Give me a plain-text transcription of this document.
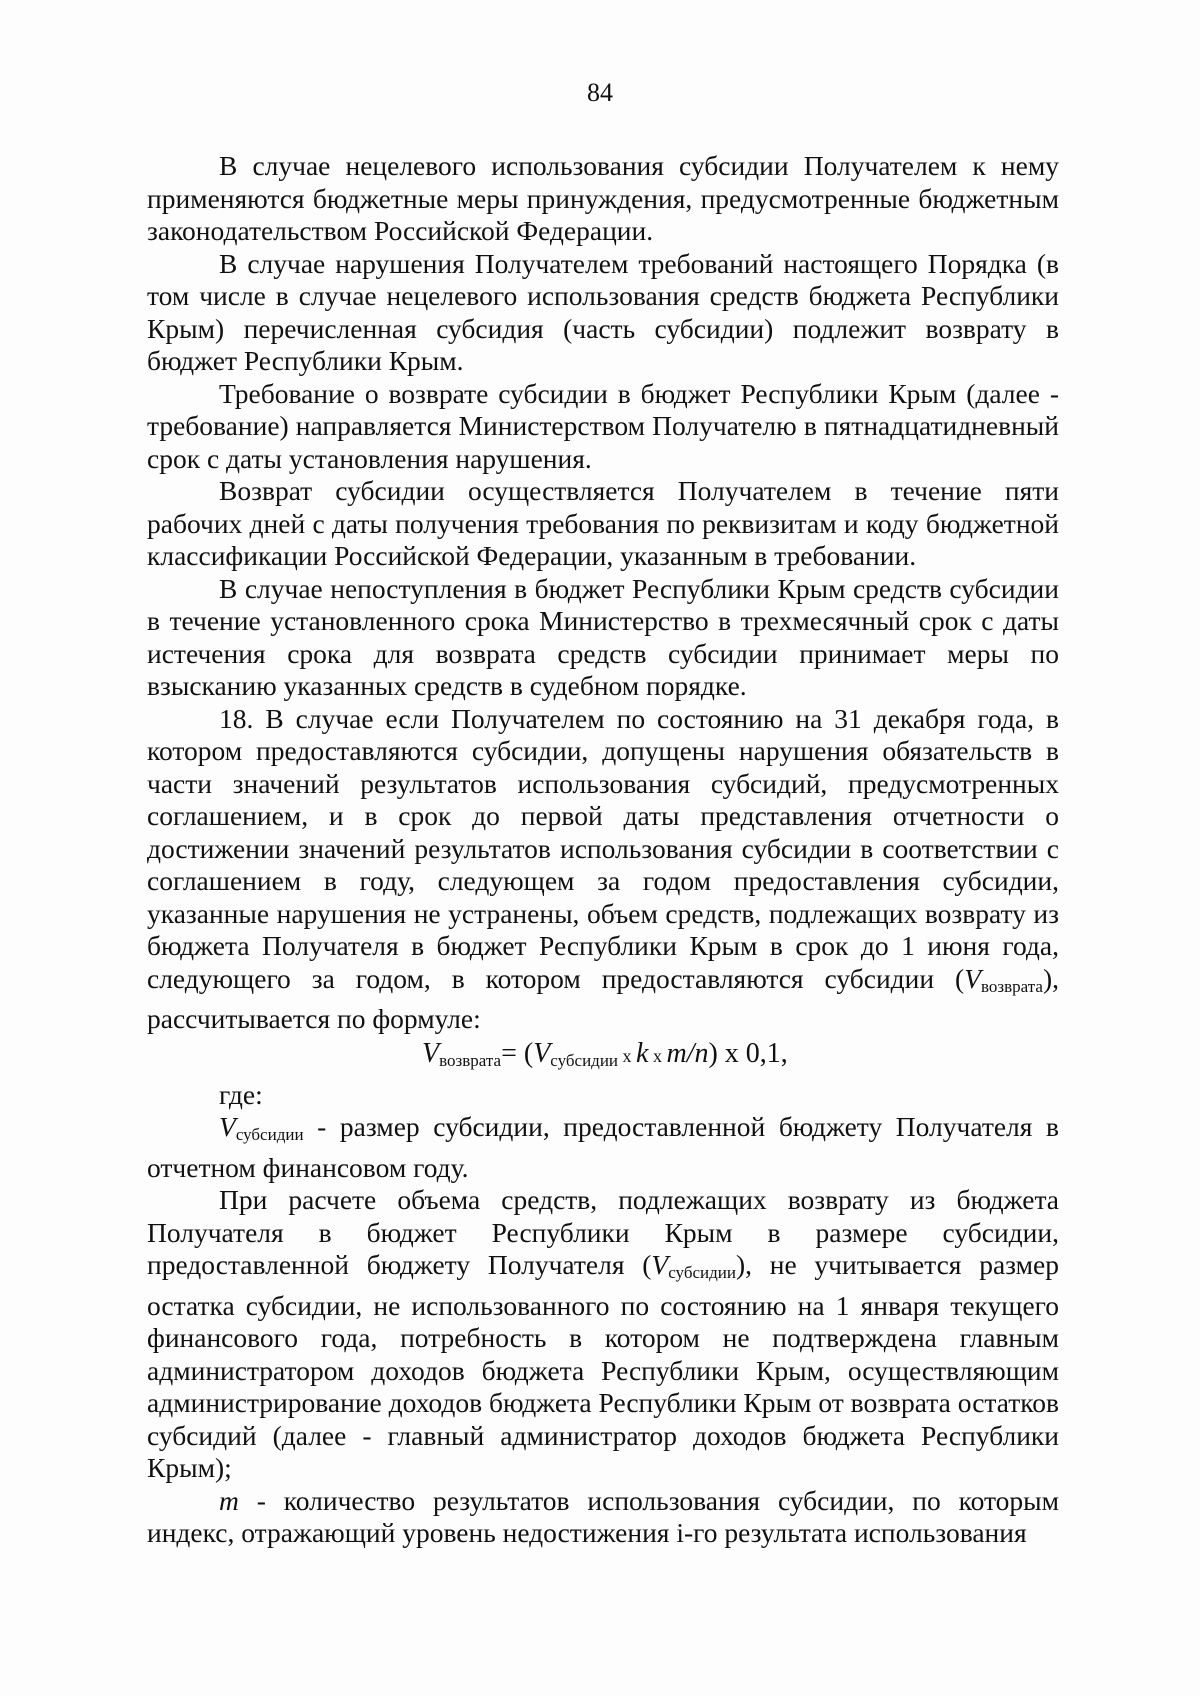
84

В случае нецелевого использования субсидии Получателем к нему применяются бюджетные меры принуждения, предусмотренные бюджетным законодательством Российской Федерации.

В случае нарушения Получателем требований настоящего Порядка (в том числе в случае нецелевого использования средств бюджета Республики Крым) перечисленная субсидия (часть субсидии) подлежит возврату в бюджет Республики Крым.

Требование о возврате субсидии в бюджет Республики Крым (далее - требование) направляется Министерством Получателю в пятнадцатидневный срок с даты установления нарушения.

Возврат субсидии осуществляется Получателем в течение пяти рабочих дней с даты получения требования по реквизитам и коду бюджетной классификации Российской Федерации, указанным в требовании.

В случае непоступления в бюджет Республики Крым средств субсидии в течение установленного срока Министерство в трехмесячный срок с даты истечения срока для возврата средств субсидии принимает меры по взысканию указанных средств в судебном порядке.

18. В случае если Получателем по состоянию на 31 декабря года, в котором предоставляются субсидии, допущены нарушения обязательств в части значений результатов использования субсидий, предусмотренных соглашением, и в срок до первой даты представления отчетности о достижении значений результатов использования субсидии в соответствии с соглашением в году, следующем за годом предоставления субсидии, указанные нарушения не устранены, объем средств, подлежащих возврату из бюджета Получателя в бюджет Республики Крым в срок до 1 июня года, следующего за годом, в котором предоставляются субсидии $(V_{возврата})$, рассчитывается по формуле:

$V_{возврата}= (V_{субсидии}$ x k x m/n) x 0,1,

где:

$V_{субсидии}$ - размер субсидии, предоставленной бюджету Получателя в отчетном финансовом году.

При расчете объема средств, подлежащих возврату из бюджета Получателя в бюджет Республики Крым в размере субсидии, предоставленной бюджету Получателя $(V_{субсидии})$, не учитывается размер остатка субсидии, не использованного по состоянию на 1 января текущего финансового года, потребность в котором не подтверждена главным администратором доходов бюджета Республики Крым, осуществляющим администрирование доходов бюджета Республики Крым от возврата остатков субсидий (далее - главный администратор доходов бюджета Республики Крым);

m - количество результатов использования субсидии, по которым индекс, отражающий уровень недостижения i-го результата использования
